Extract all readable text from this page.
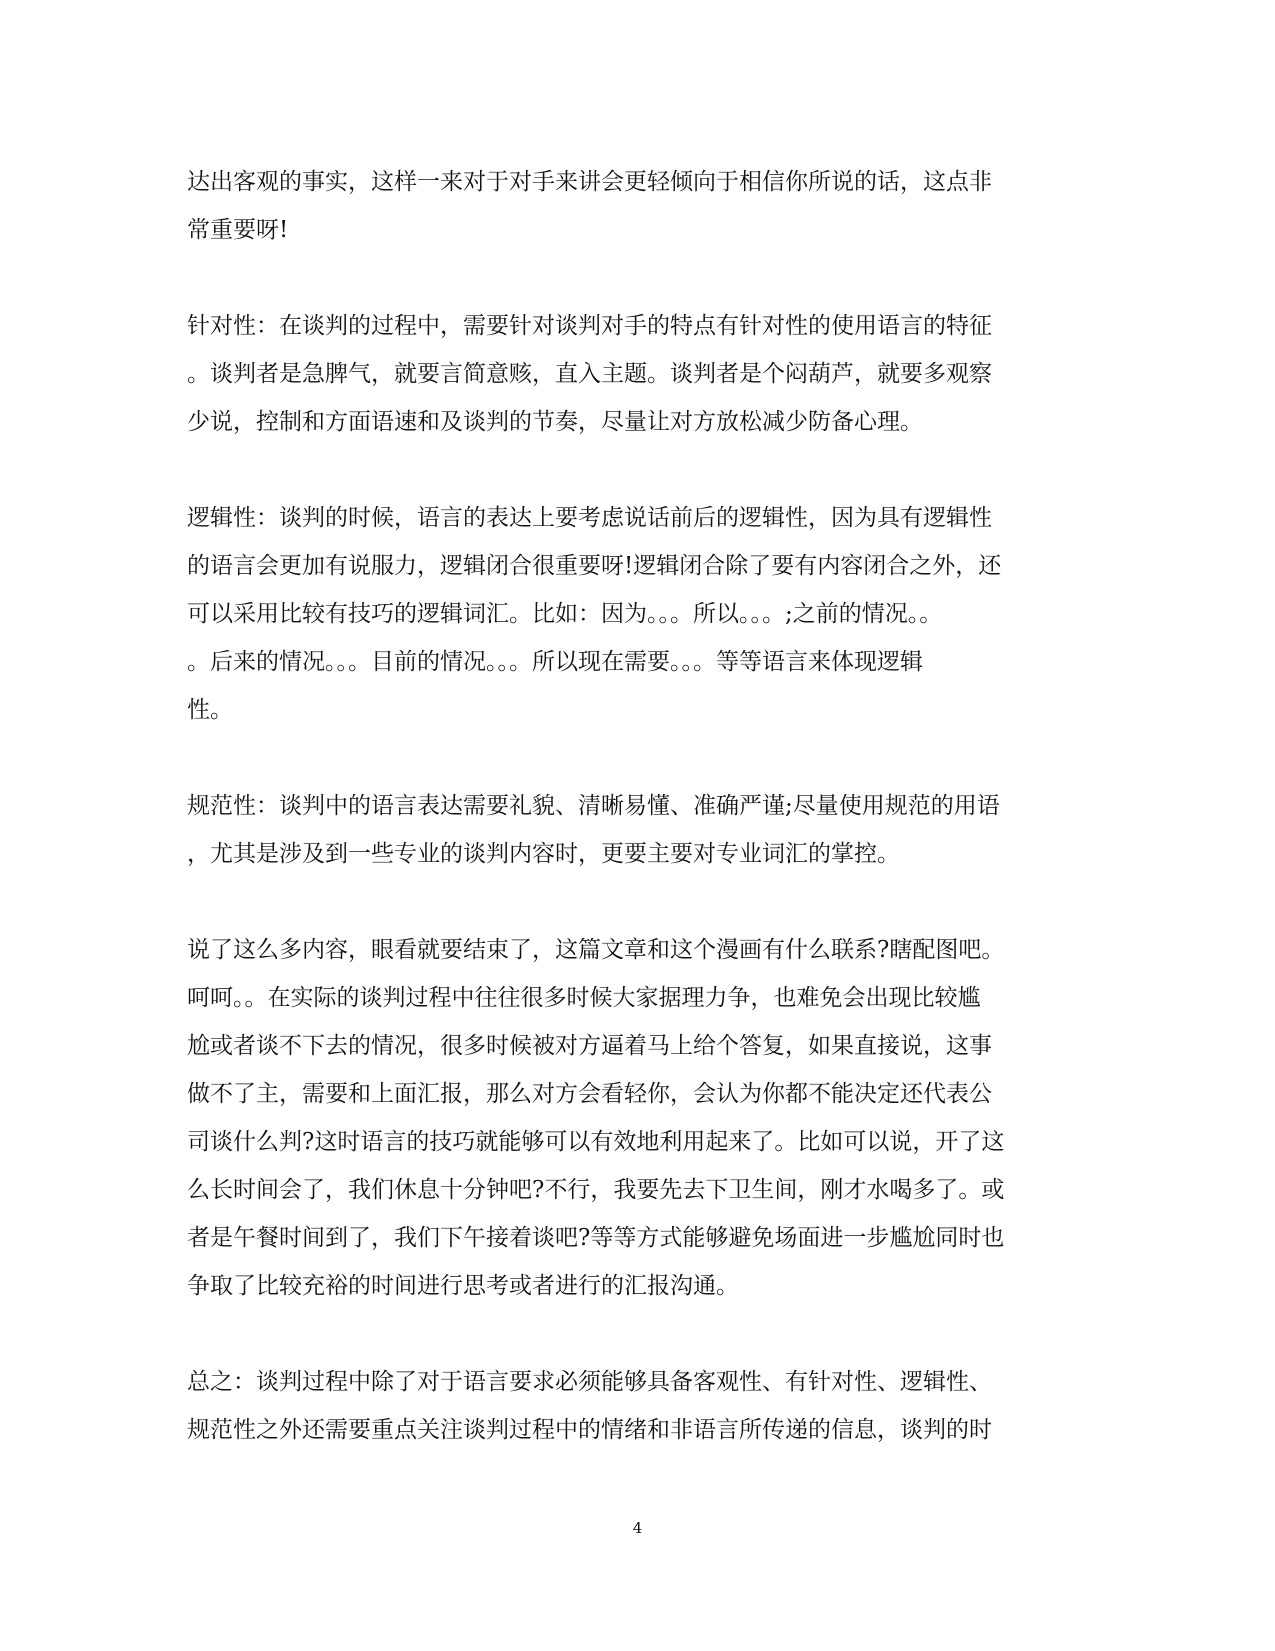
达出客观的事实，这样一来对于对手来讲会更轻倾向于相信你所说的话，这点非
常重要呀!

针对性：在谈判的过程中，需要针对谈判对手的特点有针对性的使用语言的特征
。谈判者是急脾气，就要言简意赅，直入主题。谈判者是个闷葫芦，就要多观察
少说，控制和方面语速和及谈判的节奏，尽量让对方放松减少防备心理。

逻辑性：谈判的时候，语言的表达上要考虑说话前后的逻辑性，因为具有逻辑性
的语言会更加有说服力，逻辑闭合很重要呀!逻辑闭合除了要有内容闭合之外，还
可以采用比较有技巧的逻辑词汇。比如：因为。。。所以。。。;之前的情况。。
。后来的情况。。。目前的情况。。。所以现在需要。。。等等语言来体现逻辑
性。

规范性：谈判中的语言表达需要礼貌、清晰易懂、准确严谨;尽量使用规范的用语
，尤其是涉及到一些专业的谈判内容时，更要主要对专业词汇的掌控。

说了这么多内容，眼看就要结束了，这篇文章和这个漫画有什么联系?瞎配图吧。
呵呵。。在实际的谈判过程中往往很多时候大家据理力争，也难免会出现比较尴
尬或者谈不下去的情况，很多时候被对方逼着马上给个答复，如果直接说，这事
做不了主，需要和上面汇报，那么对方会看轻你，会认为你都不能决定还代表公
司谈什么判?这时语言的技巧就能够可以有效地利用起来了。比如可以说，开了这
么长时间会了，我们休息十分钟吧?不行，我要先去下卫生间，刚才水喝多了。或
者是午餐时间到了，我们下午接着谈吧?等等方式能够避免场面进一步尴尬同时也
争取了比较充裕的时间进行思考或者进行的汇报沟通。

总之：谈判过程中除了对于语言要求必须能够具备客观性、有针对性、逻辑性、
规范性之外还需要重点关注谈判过程中的情绪和非语言所传递的信息，谈判的时

4
